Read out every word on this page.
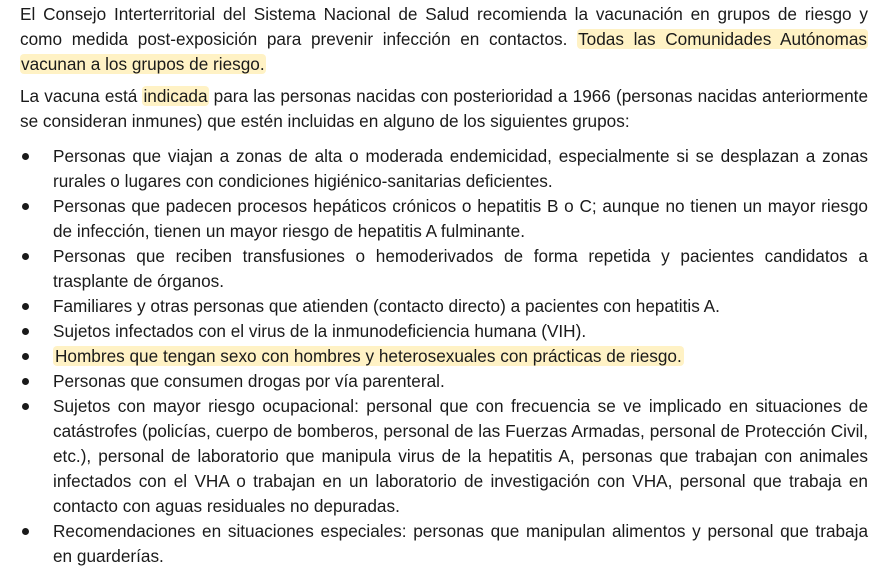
El Consejo Interterritorial del Sistema Nacional de Salud recomienda la vacunación en grupos de riesgo y como medida post-exposición para prevenir infección en contactos. Todas las Comunidades Autónomas vacunan a los grupos de riesgo.

La vacuna está indicada para las personas nacidas con posterioridad a 1966 (personas nacidas anteriormente se consideran inmunes) que estén incluidas en alguno de los siguientes grupos:

Personas que viajan a zonas de alta o moderada endemicidad, especialmente si se desplazan a zonas rurales o lugares con condiciones higiénico-sanitarias deficientes.
Personas que padecen procesos hepáticos crónicos o hepatitis B o C; aunque no tienen un mayor riesgo de infección, tienen un mayor riesgo de hepatitis A fulminante.
Personas que reciben transfusiones o hemoderivados de forma repetida y pacientes candidatos a trasplante de órganos.
Familiares y otras personas que atienden (contacto directo) a pacientes con hepatitis A.
Sujetos infectados con el virus de la inmunodeficiencia humana (VIH).
Hombres que tengan sexo con hombres y heterosexuales con prácticas de riesgo.
Personas que consumen drogas por vía parenteral.
Sujetos con mayor riesgo ocupacional: personal que con frecuencia se ve implicado en situaciones de catástrofes (policías, cuerpo de bomberos, personal de las Fuerzas Armadas, personal de Protección Civil, etc.), personal de laboratorio que manipula virus de la hepatitis A, personas que trabajan con animales infectados con el VHA o trabajan en un laboratorio de investigación con VHA, personal que trabaja en contacto con aguas residuales no depuradas.
Recomendaciones en situaciones especiales: personas que manipulan alimentos y personal que trabaja en guarderías.
